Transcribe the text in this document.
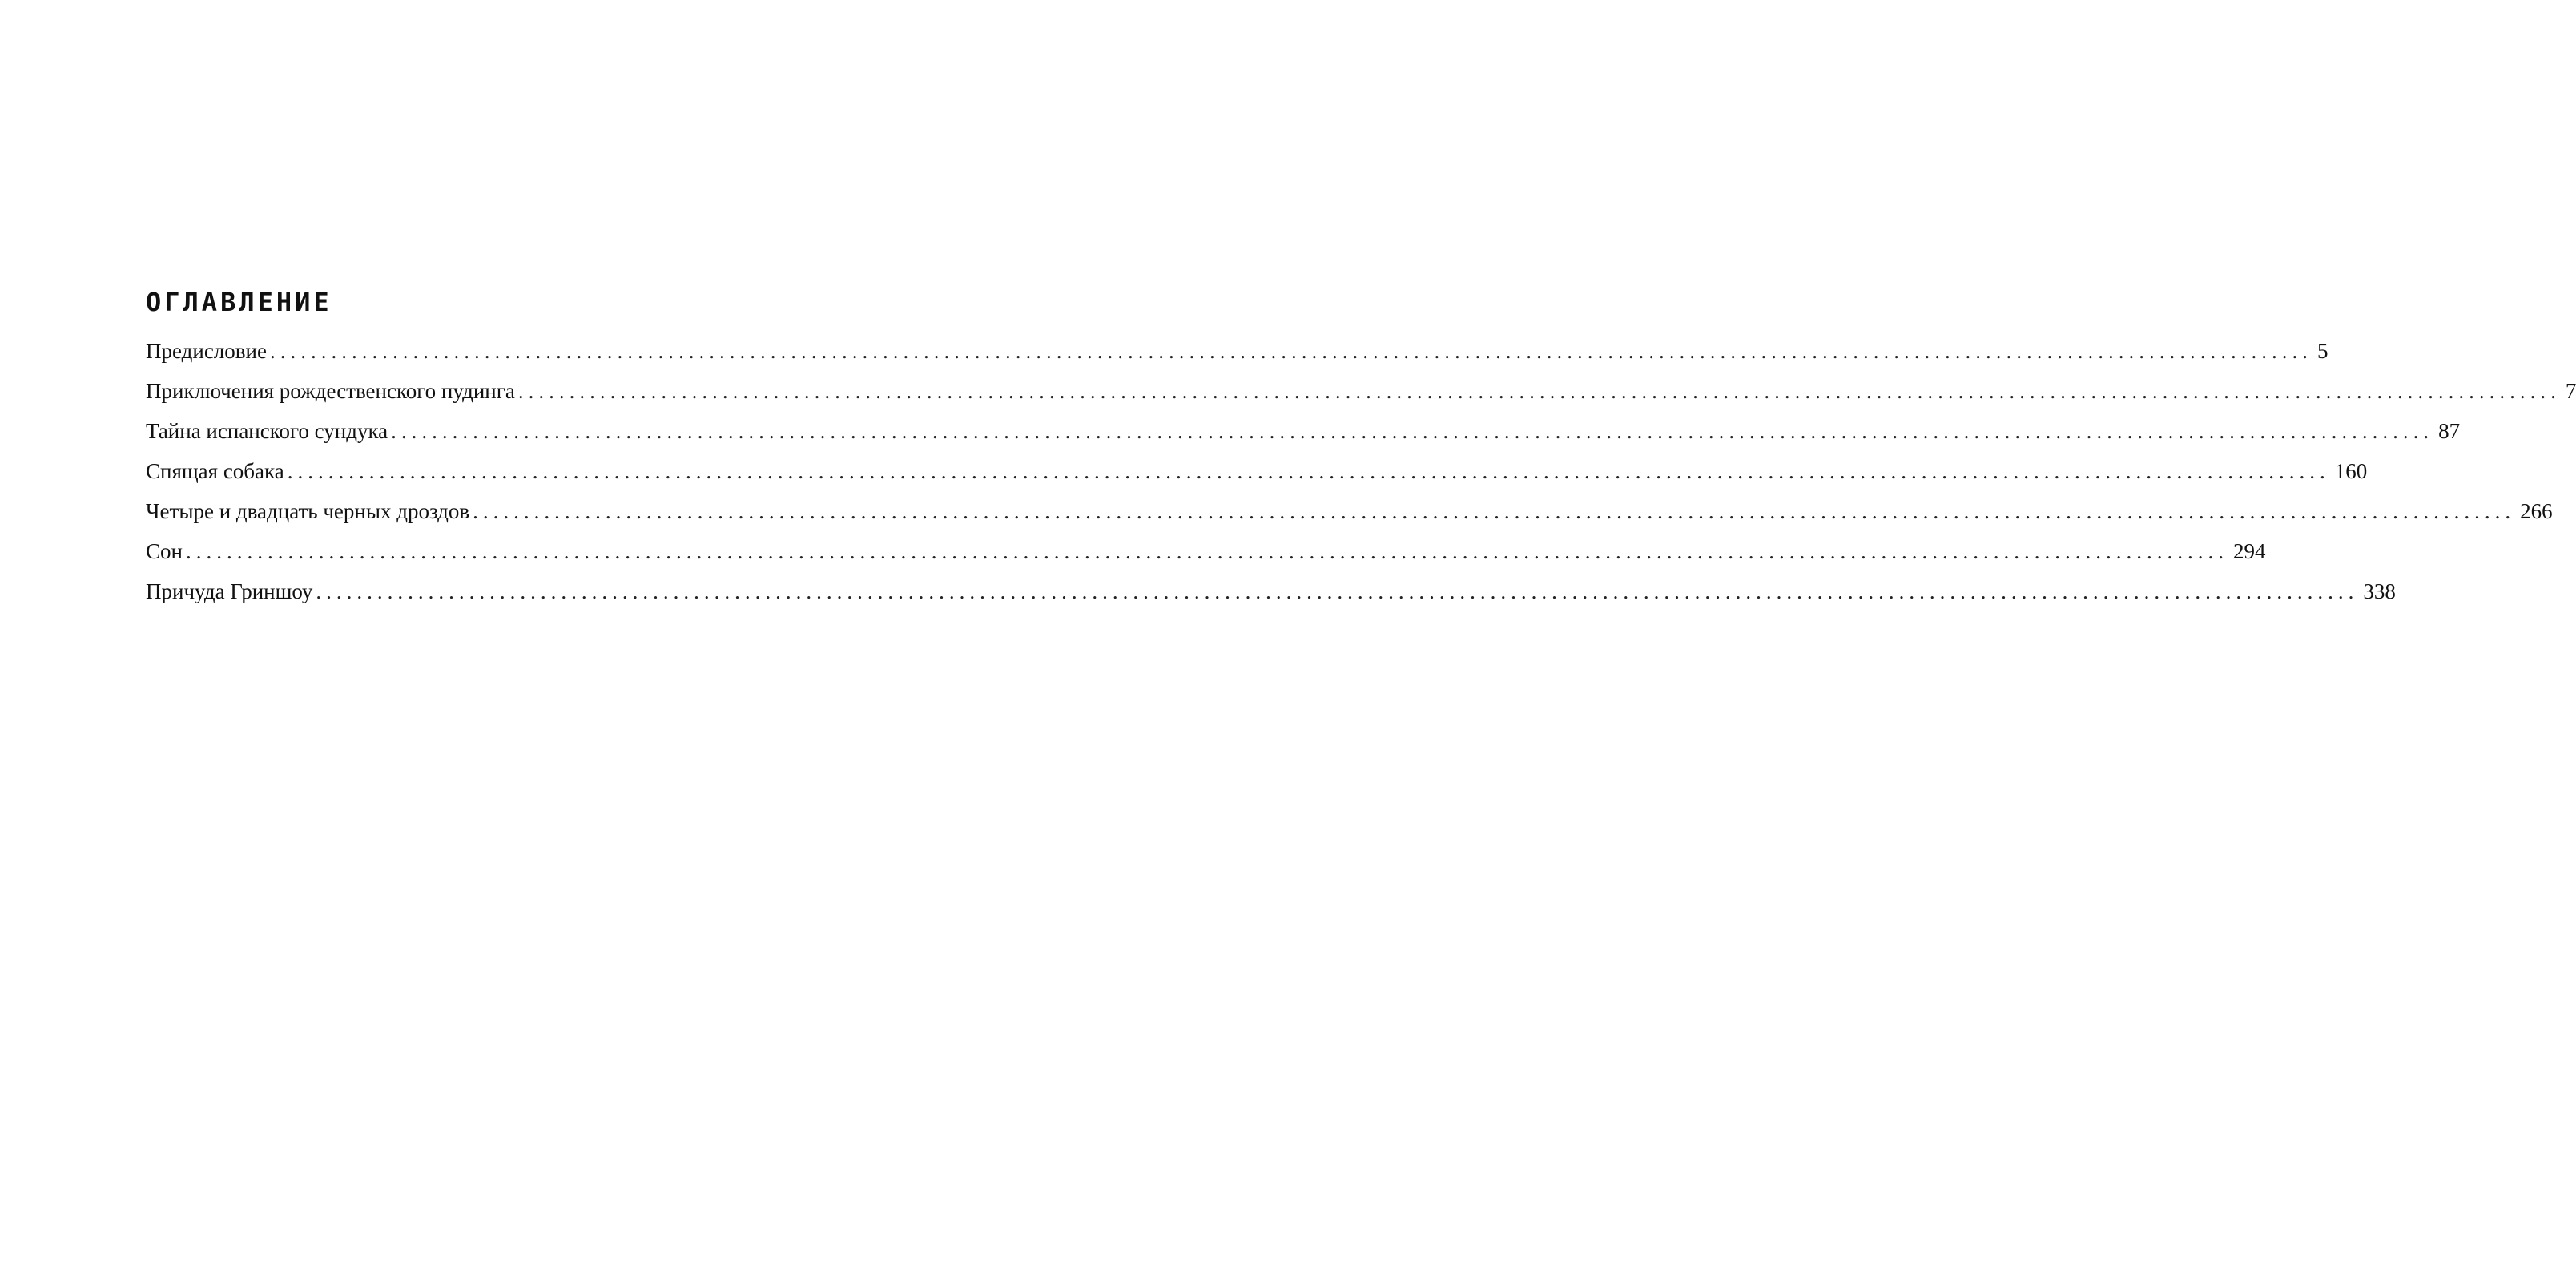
ОГЛАВЛЕНИЕ
Предисловие ........................................................................................................................................................................................................ 5
Приключения рождественского пудинга ........................................................................................................................................................................................................ 7
Тайна испанского сундука ........................................................................................................................................................................................................ 87
Спящая собака ........................................................................................................................................................................................................ 160
Четыре и двадцать черных дроздов ........................................................................................................................................................................................................ 266
Сон ........................................................................................................................................................................................................ 294
Причуда Гриншоу ........................................................................................................................................................................................................ 338
